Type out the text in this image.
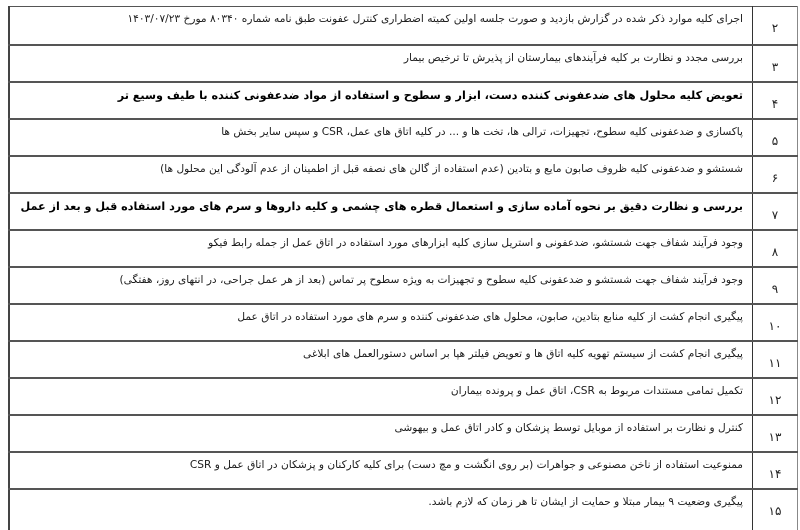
۲	اجرای کلیه موارد ذکر شده در گزارش بازدید و صورت جلسه اولین کمیته اضطراری کنترل عفونت طبق نامه شماره ۸۰۳۴۰ مورخ ۱۴۰۳/۰۷/۲۳

۳	بررسی مجدد و نظارت بر کلیه فرآیندهای بیمارستان از پذیرش تا ترخیص بیمار

۴	تعویض کلیه محلول های ضدعفونی کننده دست، ابزار و سطوح و استفاده از مواد ضدعفونی کننده با طیف وسیع تر

۵	پاکسازی و ضدعفونی کلیه سطوح، تجهیزات، ترالی ها، تخت ها و ... در کلیه اتاق های عمل، CSR و سپس سایر بخش ها

۶	شستشو و ضدعفونی کلیه ظروف صابون مایع و بتادین (عدم استفاده از گالن های نصفه قبل از اطمینان از عدم آلودگی این محلول ها)

۷	بررسی و نظارت دقیق بر نحوه آماده سازی و استعمال قطره های چشمی و کلیه داروها و سرم های مورد استفاده قبل و بعد از عمل

۸	وجود فرآیند شفاف جهت شستشو، ضدعفونی و استریل سازی کلیه ابزارهای مورد استفاده در اتاق عمل از جمله رابط فیکو

۹	وجود فرآیند شفاف جهت شستشو و ضدعفونی کلیه سطوح و تجهیزات به ویژه سطوح پر تماس (بعد از هر عمل جراحی، در انتهای روز، هفتگی)

۱۰	پیگیری انجام کشت از کلیه منابع بتادین، صابون، محلول های ضدعفونی کننده و سرم های مورد استفاده در اتاق عمل

۱۱	پیگیری انجام کشت از سیستم تهویه کلیه اتاق ها و تعویض فیلتر هپا بر اساس دستورالعمل های ابلاغی

۱۲	تکمیل تمامی مستندات مربوط به CSR، اتاق عمل و پرونده بیماران

۱۳	کنترل و نظارت بر استفاده از موبایل توسط پزشکان و کادر اتاق عمل و بیهوشی

۱۴	ممنوعیت استفاده از ناخن مصنوعی و جواهرات (بر روی انگشت و مچ دست) برای کلیه کارکنان و پزشکان در اتاق عمل و CSR

۱۵	پیگیری وضعیت ۹ بیمار مبتلا و حمایت از ایشان تا هر زمان که لازم باشد.
